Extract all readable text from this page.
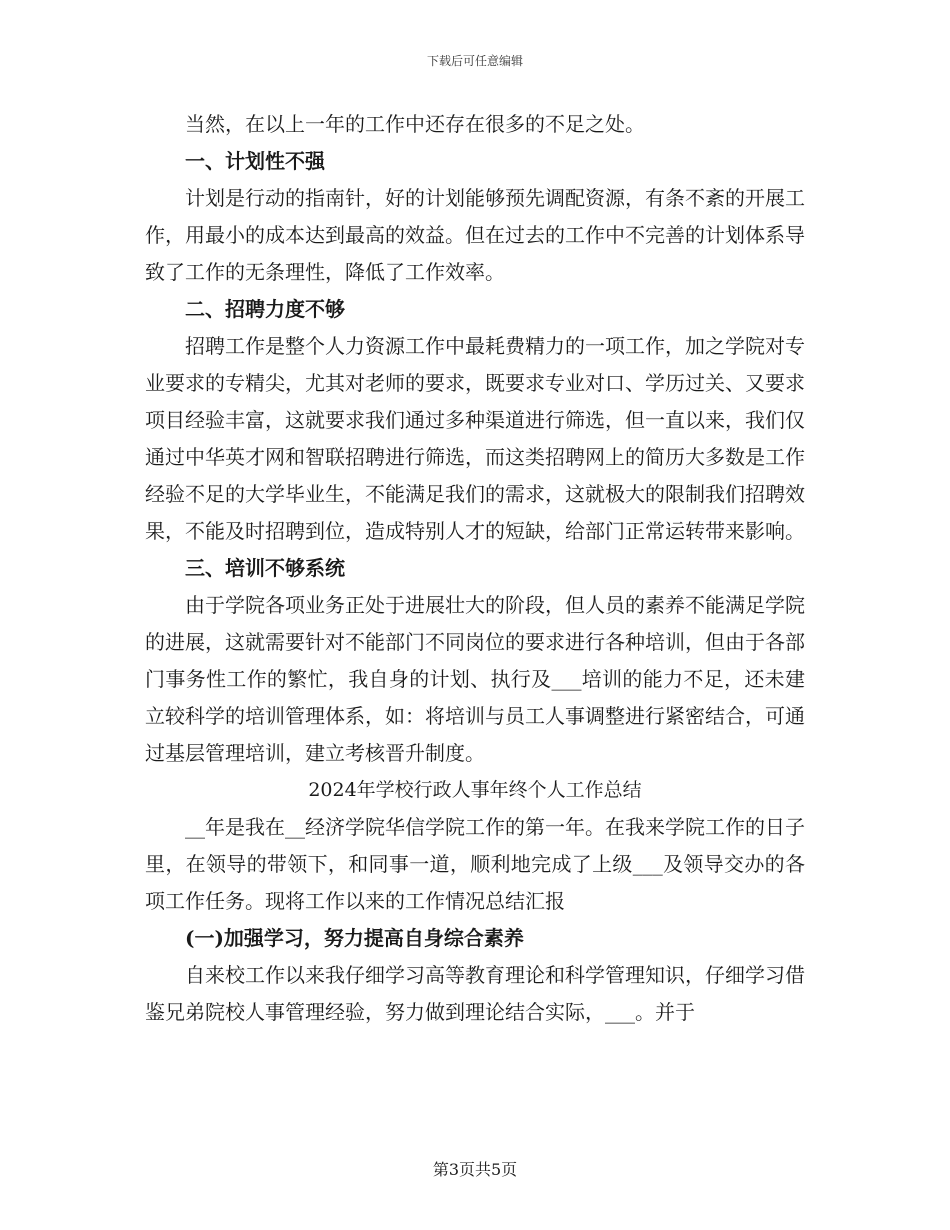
下载后可任意编辑

当然，在以上一年的工作中还存在很多的不足之处。

一、计划性不强

计划是行动的指南针，好的计划能够预先调配资源，有条不紊的开展工作，用最小的成本达到最高的效益。但在过去的工作中不完善的计划体系导致了工作的无条理性，降低了工作效率。

二、招聘力度不够

招聘工作是整个人力资源工作中最耗费精力的一项工作，加之学院对专业要求的专精尖，尤其对老师的要求，既要求专业对口、学历过关、又要求项目经验丰富，这就要求我们通过多种渠道进行筛选，但一直以来，我们仅通过中华英才网和智联招聘进行筛选，而这类招聘网上的简历大多数是工作经验不足的大学毕业生，不能满足我们的需求，这就极大的限制我们招聘效果，不能及时招聘到位，造成特别人才的短缺，给部门正常运转带来影响。

三、培训不够系统

由于学院各项业务正处于进展壮大的阶段，但人员的素养不能满足学院的进展，这就需要针对不能部门不同岗位的要求进行各种培训，但由于各部门事务性工作的繁忙，我自身的计划、执行及___培训的能力不足，还未建立较科学的培训管理体系，如：将培训与员工人事调整进行紧密结合，可通过基层管理培训，建立考核晋升制度。

2024年学校行政人事年终个人工作总结

__年是我在__经济学院华信学院工作的第一年。在我来学院工作的日子里，在领导的带领下，和同事一道，顺利地完成了上级___及领导交办的各项工作任务。现将工作以来的工作情况总结汇报

(一)加强学习，努力提高自身综合素养

自来校工作以来我仔细学习高等教育理论和科学管理知识，仔细学习借鉴兄弟院校人事管理经验，努力做到理论结合实际，___。并于

第3页共5页
